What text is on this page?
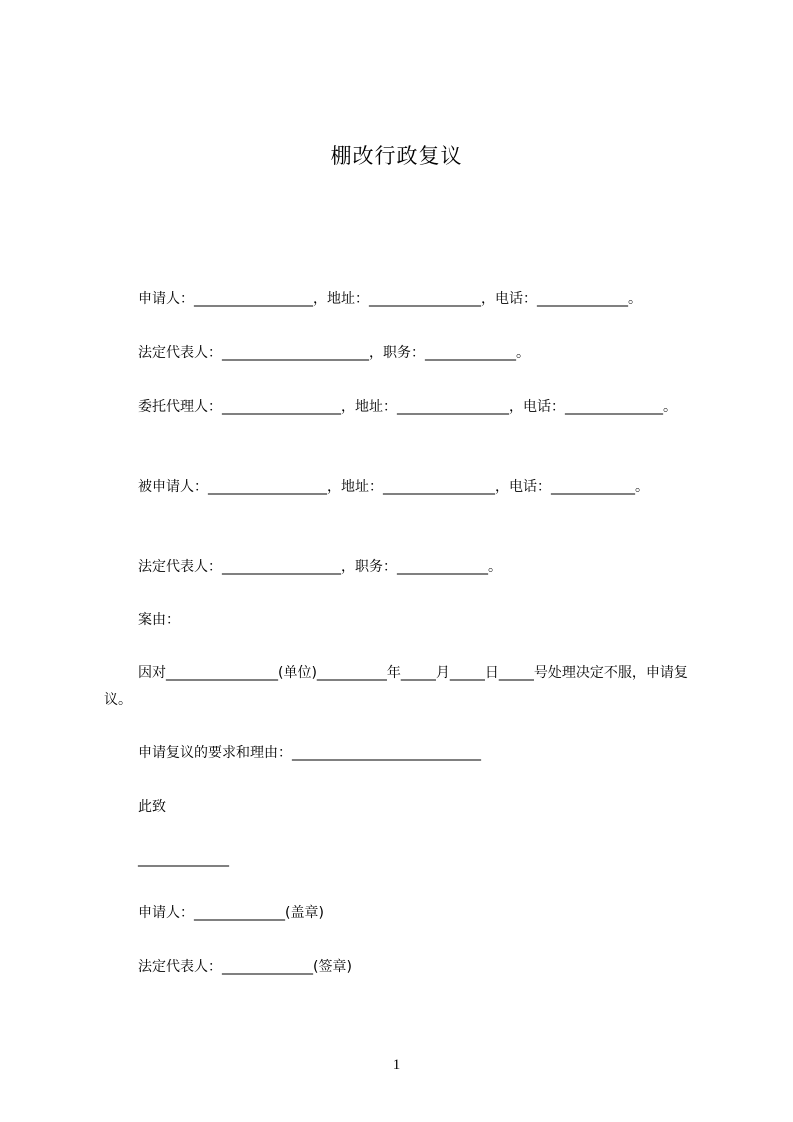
棚改行政复议
申请人：_________________，地址：________________，电话：_____________。
法定代表人：_____________________，职务：_____________。
委托代理人：_________________，地址：________________，电话：______________。
被申请人：_________________，地址：________________，电话：____________。
法定代表人：_________________，职务：_____________。
案由：
因对________________(单位)__________年_____月_____日_____号处理决定不服，申请复议。
申请复议的要求和理由：___________________________
此致
_____________
申请人：_____________(盖章)
法定代表人：_____________(签章)
1
